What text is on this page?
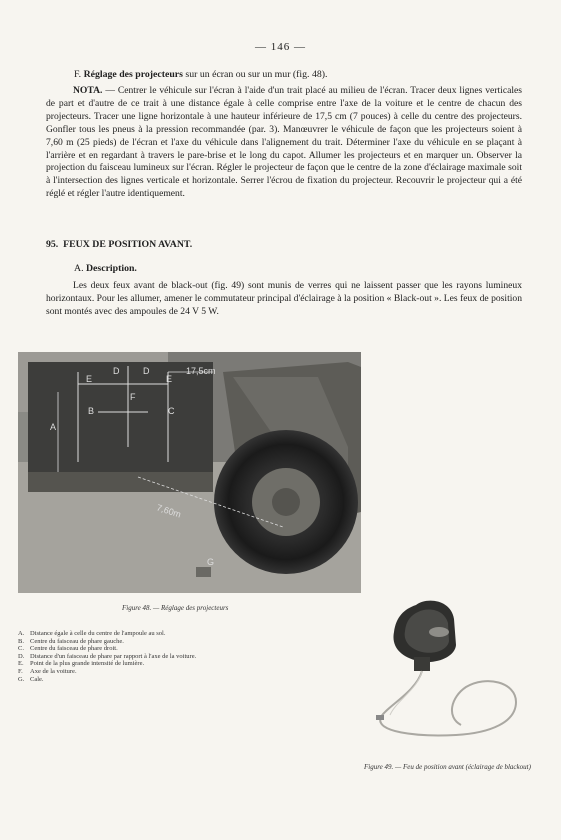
— 146 —

F. Réglage des projecteurs sur un écran ou sur un mur (fig. 48).

NOTA. — Centrer le véhicule sur l'écran à l'aide d'un trait placé au milieu de l'écran. Tracer deux lignes verticales de part et d'autre de ce trait à une distance égale à celle comprise entre l'axe de la voiture et le centre de chacun des projecteurs. Tracer une ligne horizontale à une hauteur inférieure de 17,5 cm (7 pouces) à celle du centre des projecteurs. Gonfler tous les pneus à la pression recommandée (par. 3). Manœuvrer le véhicule de façon que les projecteurs soient à 7,60 m (25 pieds) de l'écran et l'axe du véhicule dans l'alignement du trait. Déterminer l'axe du véhicule en se plaçant à l'arrière et en regardant à travers le pare-brise et le long du capot. Allumer les projecteurs et en marquer un. Observer la projection du faisceau lumineux sur l'écran. Régler le projecteur de façon que le centre de la zone d'éclairage maximale soit à l'intersection des lignes verticale et horizontale. Serrer l'écrou de fixation du projecteur. Recouvrir le projecteur qui a été réglé et régler l'autre identiquement.

95. FEUX DE POSITION AVANT.

A. Description.

Les deux feux avant de black-out (fig. 49) sont munis de verres qui ne laissent passer que les rayons lumineux horizontaux. Pour les allumer, amener le commutateur principal d'éclairage à la position « Black-out ». Les feux de position sont montés avec des ampoules de 24 V 5 W.

A
B	C
D	D
E	E
F
G
17,5cm
7,60m
Figure 48. — Réglage des projecteurs
A. Distance égale à celle du centre de l'ampoule au sol.
B. Centre du faisceau de phare gauche.
C. Centre du faisceau de phare droit.
D. Distance d'un faisceau de phare par rapport à l'axe de la voiture.
E. Point de la plus grande intensité de lumière.
F. Axe de la voiture.
G. Cale.
Figure 49. — Feu de position avant (éclairage de blackout)
